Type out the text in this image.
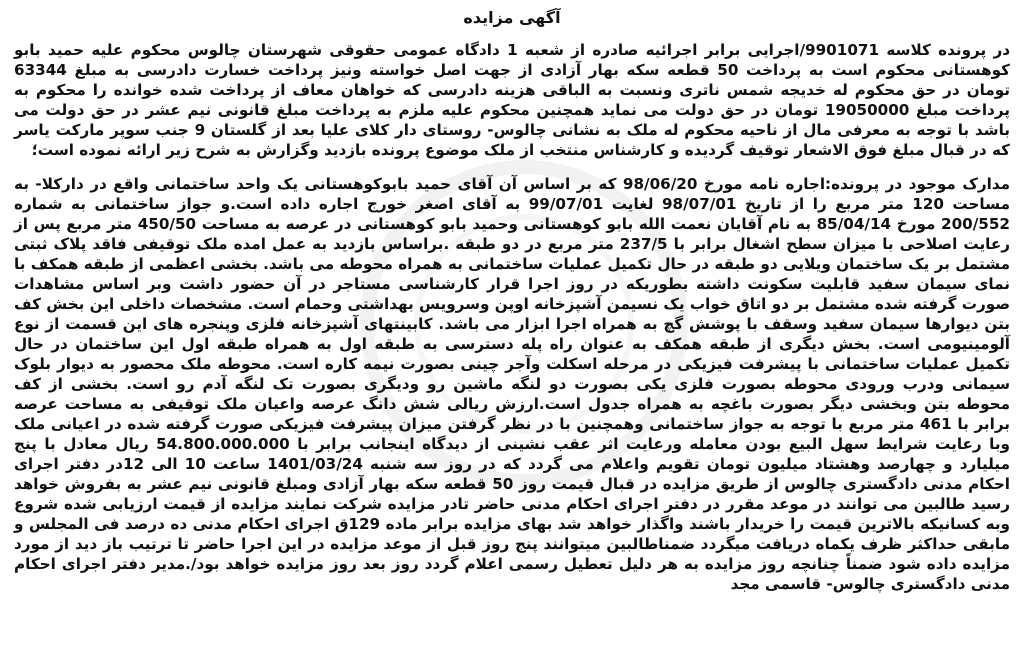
آگهی مزایده

در پرونده کلاسه 9901071/اجرایی برابر اجرائیه صادره از شعبه 1 دادگاه عمومی حقوقی شهرستان چالوس محکوم علیه حمید بابو کوهستانی محکوم است به پرداخت 50 قطعه سکه بهار آزادی از جهت اصل خواسته ونیز پرداخت خسارت دادرسی به مبلغ 63344 تومان در حق محکوم له خدیجه شمس ناتری ونسبت به الباقی هزینه دادرسی که خواهان معاف از پرداخت شده خوانده را محکوم به پرداخت مبلغ 19050000 تومان در حق دولت می نماید همچنین محکوم علیه ملزم به پرداخت مبلغ قانونی نیم عشر در حق دولت می باشد با توجه به معرفی مال از ناحیه محکوم له ملک به نشانی چالوس- روستای دار کلای علیا بعد از گلستان 9 جنب سوپر مارکت یاسر که در قبال مبلغ فوق الاشعار توقیف گردیده و کارشناس منتخب از ملک موضوع پرونده بازدید وگزارش به شرح زیر ارائه نموده است؛

مدارک موجود در پرونده:اجاره نامه مورخ 98/06/20 که بر اساس آن آقای حمید بابوکوهستانی یک واحد ساختمانی واقع در دارکلا- به مساحت 120 متر مربع را از تاریخ 98/07/01 لغایت 99/07/01 به آقای اصغر خورج اجاره داده است.و جواز ساختمانی به شماره 200/552 مورخ 85/04/14 به نام آقایان نعمت الله بابو کوهستانی وحمید بابو کوهستانی در عرصه به مساحت 450/50 متر مربع پس از رعایت اصلاحی با میزان سطح اشغال برابر با 237/5 متر مربع در دو طبقه .براساس بازدید به عمل امده ملک توقیفی فاقد پلاک ثبتی مشتمل بر یک ساختمان ویلایی دو طبقه در حال تکمیل عملیات ساختمانی به همراه محوطه می باشد. بخشی اعظمی از طبقه همکف با نمای سیمان سفید قابلیت سکونت داشته بطوریکه در روز اجرا قرار کارشناسی مستاجر در آن حضور داشت وبر اساس مشاهدات صورت گرفته شده مشتمل بر دو اتاق خواب یک نسیمن آشپزخانه اوپن وسرویس بهداشتی وحمام است. مشخصات داخلی این بخش کف بتن دیوارها سیمان سفید وسقف با پوشش گچ به همراه اجرا ابزار می باشد. کابینتهای آشپزخانه فلزی وپنجره های این قسمت از نوع آلومینیومی است. بخش دیگری از طبقه همکف به عنوان راه پله دسترسی به طبقه اول به همراه طبقه اول این ساختمان در حال تکمیل عملیات ساختمانی با پیشرفت فیزیکی در مرحله اسکلت وآجر چینی بصورت نیمه کاره است. محوطه ملک محصور به دیوار بلوک سیمانی ودرب ورودی محوطه بصورت فلزی یکی بصورت دو لنگه ماشین رو ودیگری بصورت تک لنگه آدم رو است. بخشی از کف محوطه بتن وبخشی دیگر بصورت باغچه به همراه جدول است.ارزش ریالی شش دانگ عرصه واعیان ملک توقیفی به مساحت عرصه برابر با 461 متر مربع با توجه به جواز ساختمانی وهمچنین با در نظر گرفتن میزان پیشرفت فیزیکی صورت گرفته شده در اعیانی ملک وبا رعایت شرایط سهل البیع بودن معامله ورعایت اثر عقب نشینی از دیدگاه اینجانب برابر با 54.800.000.000 ریال معادل با پنج میلیارد و چهارصد وهشتاد میلیون تومان تقویم واعلام می گردد که در روز سه شنبه 1401/03/24 ساعت 10 الی 12در دفتر اجرای احکام مدنی دادگستری چالوس از طریق مزایده در قبال قیمت روز 50 قطعه سکه بهار آزادی ومبلغ قانونی نیم عشر به بفروش خواهد رسید طالبین می توانند در موعد مقرر در دفتر اجرای احکام مدنی حاضر تادر مزایده شرکت نمایند مزایده از قیمت ارزیابی شده شروع وبه کسانیکه بالاترین قیمت را خریدار باشند واگذار خواهد شد بهای مزایده برابر ماده 129ق اجرای احکام مدنی ده درصد فی المجلس و مابقی حداکثر ظرف یکماه دریافت میگردد ضمناطالبین میتوانند پنج روز قبل از موعد مزایده در این اجرا حاضر تا ترتیب باز دید از مورد مزایده داده شود ضمناً چنانچه روز مزایده به هر دلیل تعطیل رسمی اعلام گردد روز بعد روز مزایده خواهد بود/.مدیر دفتر اجرای احکام مدنی دادگستری چالوس- قاسمی مجد
